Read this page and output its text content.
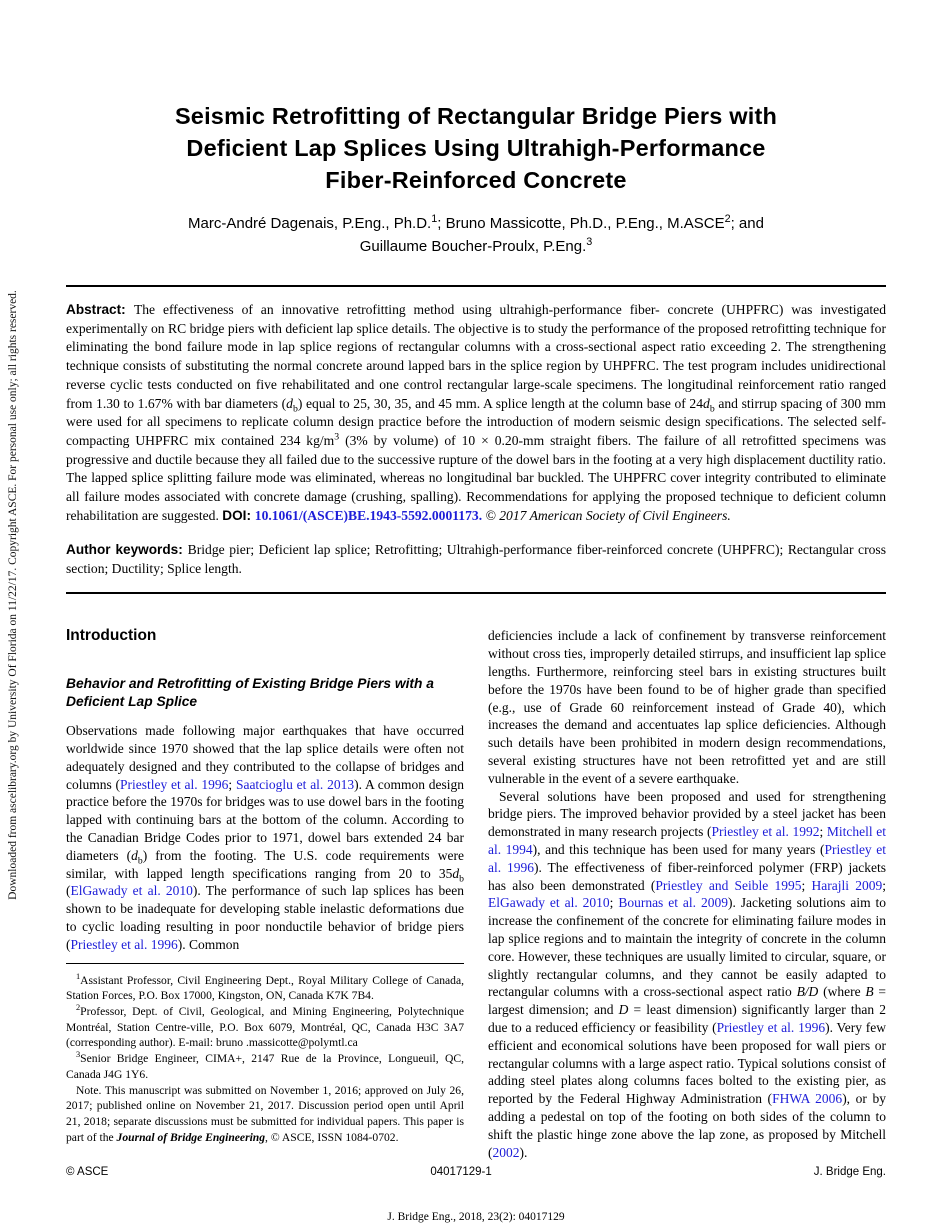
Downloaded from ascelibrary.org by University Of Florida on 11/22/17. Copyright ASCE. For personal use only; all rights reserved.
Seismic Retrofitting of Rectangular Bridge Piers with
Deficient Lap Splices Using Ultrahigh-Performance
Fiber-Reinforced Concrete
Marc-André Dagenais, P.Eng., Ph.D.$^1$; Bruno Massicotte, Ph.D., P.Eng., M.ASCE$^2$; and
Guillaume Boucher-Proulx, P.Eng.$^3$

Abstract: The effectiveness of an innovative retrofitting method using ultrahigh-performance fiber- concrete (UHPFRC) was investigated experimentally on RC bridge piers with deficient lap splice details. The objective is to study the performance of the proposed retrofitting technique for eliminating the bond failure mode in lap splice regions of rectangular columns with a cross-sectional aspect ratio exceeding 2. The strengthening technique consists of substituting the normal concrete around lapped bars in the splice region by UHPFRC. The test program includes unidirectional reverse cyclic tests conducted on five rehabilitated and one control rectangular large-scale specimens. The longitudinal reinforcement ratio ranged from 1.30 to 1.67% with bar diameters $(d_b)$ equal to 25, 30, 35, and 45 mm. A splice length at the column base of $24d_b$ and stirrup spacing of 300 mm were used for all specimens to replicate column design practice before the introduction of modern seismic design specifications. The selected self-compacting UHPFRC mix contained 234 $kg/m^3$ (3% by volume) of 10 × 0.20-mm straight fibers. The failure of all retrofitted specimens was progressive and ductile because they all failed due to the successive rupture of the dowel bars in the footing at a very high displacement ductility ratio. The lapped splice splitting failure mode was eliminated, whereas no longitudinal bar buckled. The UHPFRC cover integrity contributed to eliminate all failure modes associated with concrete damage (crushing, spalling). Recommendations for applying the proposed technique to deficient column rehabilitation are suggested. DOI: 10.1061/(ASCE)BE.1943-5592.0001173. © 2017 American Society of Civil Engineers.

Author keywords: Bridge pier; Deficient lap splice; Retrofitting; Ultrahigh-performance fiber-reinforced concrete (UHPFRC); Rectangular cross section; Ductility; Splice length.

Introduction
Behavior and Retrofitting of Existing Bridge Piers with a Deficient Lap Splice

Observations made following major earthquakes that have occurred worldwide since 1970 showed that the lap splice details were often not adequately designed and they contributed to the collapse of bridges and columns (Priestley et al. 1996; Saatcioglu et al. 2013). A common design practice before the 1970s for bridges was to use dowel bars in the footing lapped with continuing bars at the bottom of the column. According to the Canadian Bridge Codes prior to 1971, dowel bars extended 24 bar diameters $(d_b)$ from the footing. The U.S. code requirements were similar, with lapped length specifications ranging from 20 to $35d_b$ (ElGawady et al. 2010). The performance of such lap splices has been shown to be inadequate for developing stable inelastic deformations due to cyclic loading resulting in poor nonductile behavior of bridge piers (Priestley et al. 1996). Common

$^1$Assistant Professor, Civil Engineering Dept., Royal Military College of Canada, Station Forces, P.O. Box 17000, Kingston, ON, Canada K7K 7B4.

$^2$Professor, Dept. of Civil, Geological, and Mining Engineering, Polytechnique Montréal, Station Centre-ville, P.O. Box 6079, Montréal, QC, Canada H3C 3A7 (corresponding author). E-mail: bruno .massicotte@polymtl.ca

$^3$Senior Bridge Engineer, CIMA+, 2147 Rue de la Province, Longueuil, QC, Canada J4G 1Y6.

Note. This manuscript was submitted on November 1, 2016; approved on July 26, 2017; published online on November 21, 2017. Discussion period open until April 21, 2018; separate discussions must be submitted for individual papers. This paper is part of the Journal of Bridge Engineering, © ASCE, ISSN 1084-0702.

deficiencies include a lack of confinement by transverse reinforcement without cross ties, improperly detailed stirrups, and insufficient lap splice lengths. Furthermore, reinforcing steel bars in existing structures built before the 1970s have been found to be of higher grade than specified (e.g., use of Grade 60 reinforcement instead of Grade 40), which increases the demand and accentuates lap splice deficiencies. Although such details have been prohibited in modern design recommendations, several existing structures have not been retrofitted yet and are still vulnerable in the event of a severe earthquake.

Several solutions have been proposed and used for strengthening bridge piers. The improved behavior provided by a steel jacket has been demonstrated in many research projects (Priestley et al. 1992; Mitchell et al. 1994), and this technique has been used for many years (Priestley et al. 1996). The effectiveness of fiber-reinforced polymer (FRP) jackets has also been demonstrated (Priestley and Seible 1995; Harajli 2009; ElGawady et al. 2010; Bournas et al. 2009). Jacketing solutions aim to increase the confinement of the concrete for eliminating failure modes in lap splice regions and to maintain the integrity of concrete in the column core. However, these techniques are usually limited to circular, square, or slightly rectangular columns, and they cannot be easily adapted to rectangular columns with a cross-sectional aspect ratio B/D (where B = largest dimension; and D = least dimension) significantly larger than 2 due to a reduced efficiency or feasibility (Priestley et al. 1996). Very few efficient and economical solutions have been proposed for wall piers or rectangular columns with a large aspect ratio. Typical solutions consist of adding steel plates along columns faces bolted to the existing pier, as reported by the Federal Highway Administration (FHWA 2006), or by adding a pedestal on top of the footing on both sides of the column to shift the plastic hinge zone above the lap zone, as proposed by Mitchell (2002).

© ASCE	04017129-1	J. Bridge Eng.
J. Bridge Eng., 2018, 23(2): 04017129
